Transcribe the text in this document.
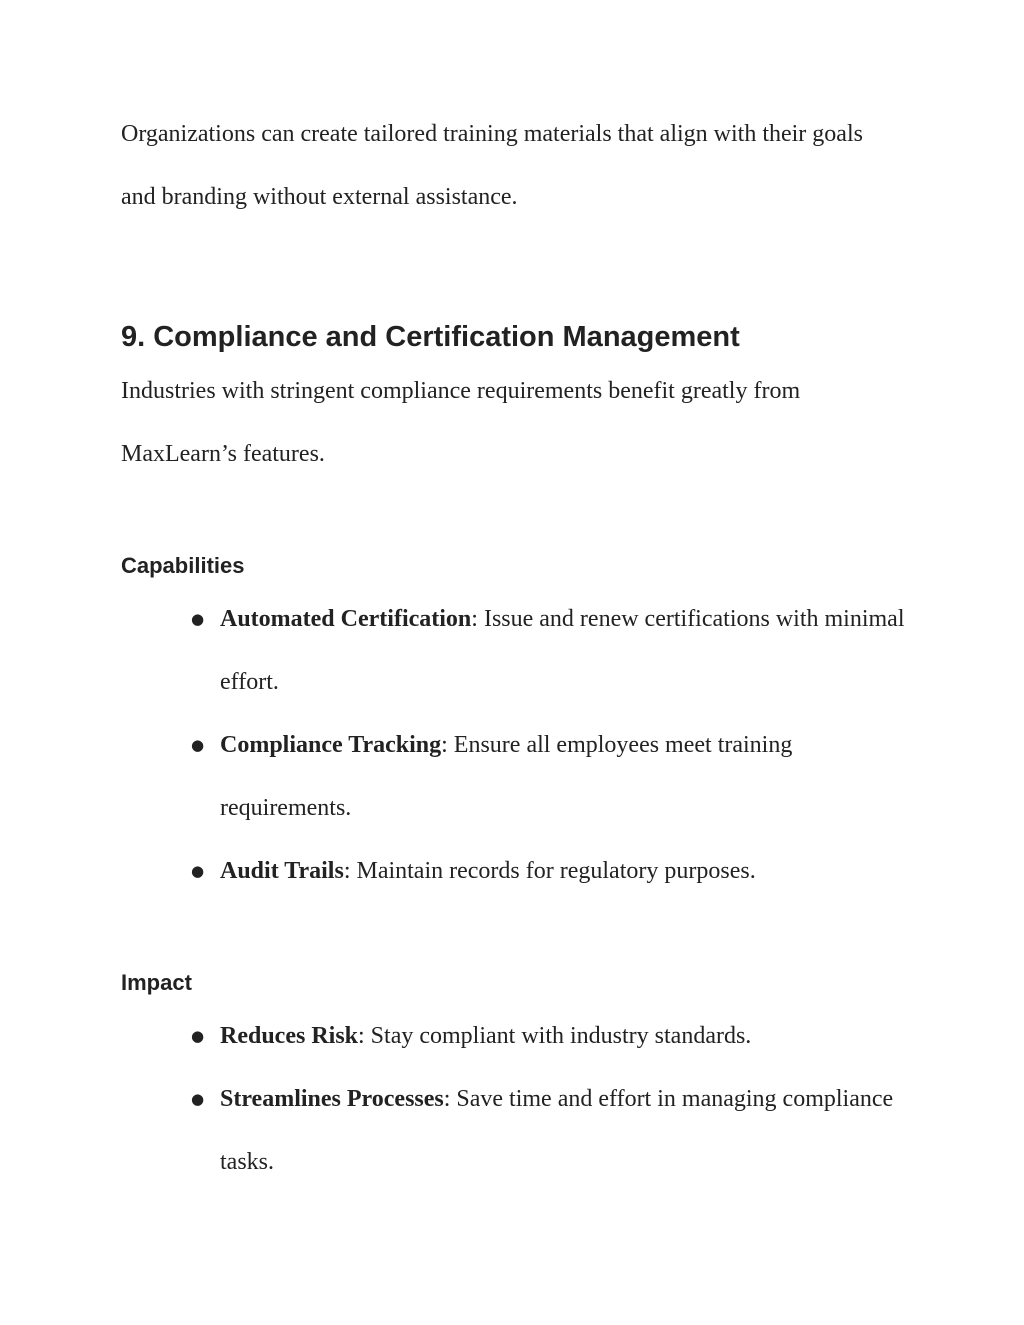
Organizations can create tailored training materials that align with their goals and branding without external assistance.

9. Compliance and Certification Management

Industries with stringent compliance requirements benefit greatly from MaxLearn’s features.

Capabilities
● Automated Certification: Issue and renew certifications with minimal effort.
● Compliance Tracking: Ensure all employees meet training requirements.
● Audit Trails: Maintain records for regulatory purposes.
Impact
● Reduces Risk: Stay compliant with industry standards.
● Streamlines Processes: Save time and effort in managing compliance tasks.
